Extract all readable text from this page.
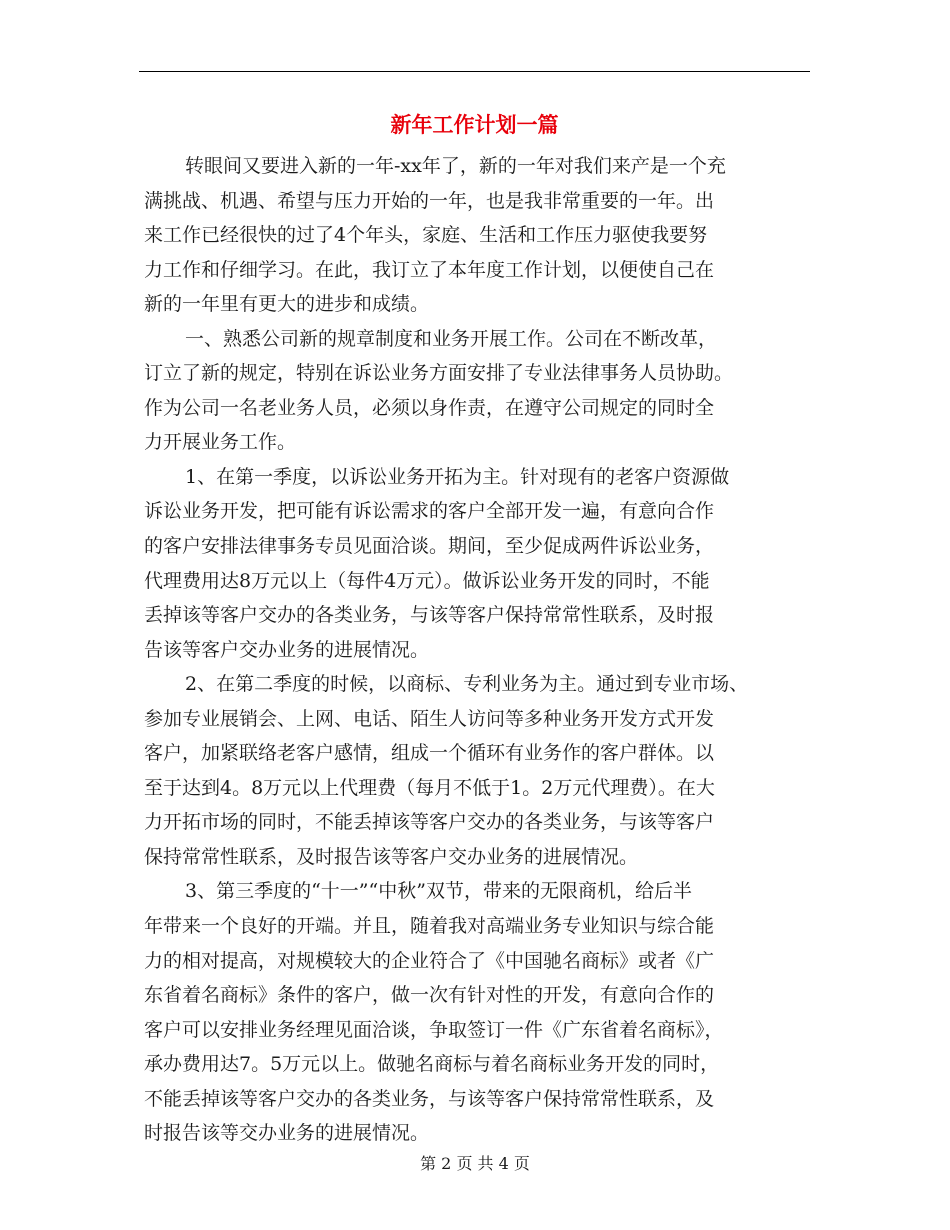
新年工作计划一篇

转眼间又要进入新的一年-xx年了，新的一年对我们来产是一个充

满挑战、机遇、希望与压力开始的一年，也是我非常重要的一年。出

来工作已经很快的过了4个年头，家庭、生活和工作压力驱使我要努

力工作和仔细学习。在此，我订立了本年度工作计划，以便使自己在

新的一年里有更大的进步和成绩。

一、熟悉公司新的规章制度和业务开展工作。公司在不断改革，

订立了新的规定，特别在诉讼业务方面安排了专业法律事务人员协助。

作为公司一名老业务人员，必须以身作责，在遵守公司规定的同时全

力开展业务工作。

1、在第一季度，以诉讼业务开拓为主。针对现有的老客户资源做

诉讼业务开发，把可能有诉讼需求的客户全部开发一遍，有意向合作

的客户安排法律事务专员见面洽谈。期间，至少促成两件诉讼业务，

代理费用达8万元以上（每件4万元）。做诉讼业务开发的同时，不能

丢掉该等客户交办的各类业务，与该等客户保持常常性联系，及时报

告该等客户交办业务的进展情况。

2、在第二季度的时候，以商标、专利业务为主。通过到专业市场、

参加专业展销会、上网、电话、陌生人访问等多种业务开发方式开发

客户，加紧联络老客户感情，组成一个循环有业务作的客户群体。以

至于达到4。8万元以上代理费（每月不低于1。2万元代理费）。在大

力开拓市场的同时，不能丢掉该等客户交办的各类业务，与该等客户

保持常常性联系，及时报告该等客户交办业务的进展情况。

3、第三季度的“十一”“中秋”双节，带来的无限商机，给后半

年带来一个良好的开端。并且，随着我对高端业务专业知识与综合能

力的相对提高，对规模较大的企业符合了《中国驰名商标》或者《广

东省着名商标》条件的客户，做一次有针对性的开发，有意向合作的

客户可以安排业务经理见面洽谈，争取签订一件《广东省着名商标》，

承办费用达7。5万元以上。做驰名商标与着名商标业务开发的同时，

不能丢掉该等客户交办的各类业务，与该等客户保持常常性联系，及

时报告该等交办业务的进展情况。

第 2 页 共 4 页
